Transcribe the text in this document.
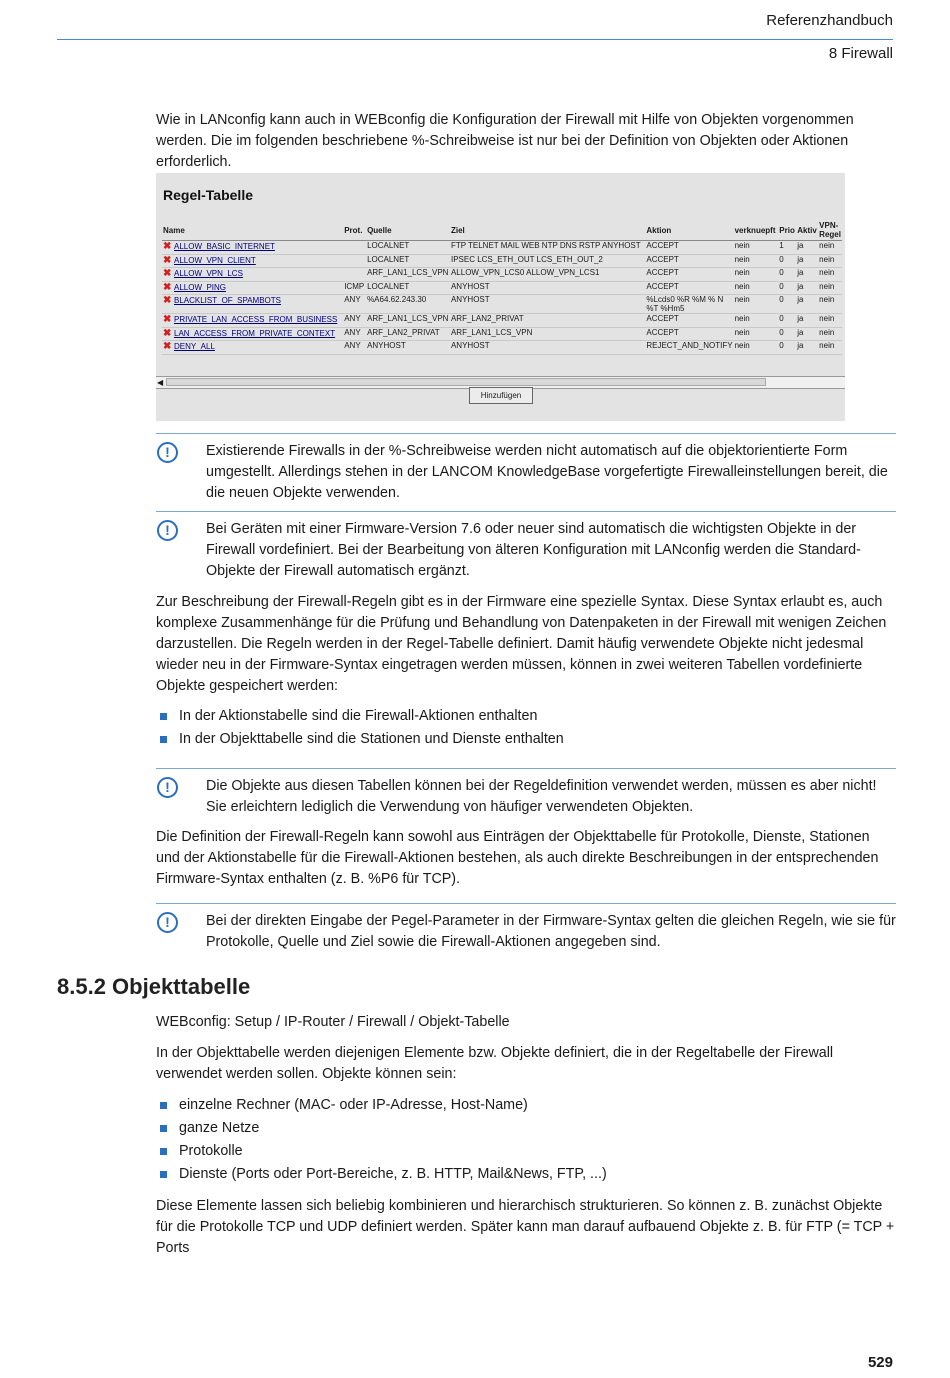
Referenzhandbuch
8 Firewall
Wie in LANconfig kann auch in WEBconfig die Konfiguration der Firewall mit Hilfe von Objekten vorgenommen werden. Die im folgenden beschriebene %-Schreibweise ist nur bei der Definition von Objekten oder Aktionen erforderlich.
Regel-Tabelle
Name	Prot.	Quelle	Ziel	Aktion	verknuepft	Prio	Aktiv	VPN-Regel
✖ ALLOW_BASIC_INTERNET		LOCALNET	FTP TELNET MAIL WEB NTP DNS RSTP ANYHOST	ACCEPT	nein	1	ja	nein
✖ ALLOW_VPN_CLIENT		LOCALNET	IPSEC LCS_ETH_OUT LCS_ETH_OUT_2	ACCEPT	nein	0	ja	nein
✖ ALLOW_VPN_LCS		ARF_LAN1_LCS_VPN	ALLOW_VPN_LCS0 ALLOW_VPN_LCS1	ACCEPT	nein	0	ja	nein
✖ ALLOW_PING	ICMP	LOCALNET	ANYHOST	ACCEPT	nein	0	ja	nein
✖ BLACKLIST_OF_SPAMBOTS	ANY	%A64.62.243.30	ANYHOST	%Lcds0 %R %M % N %T %Hm5	nein	0	ja	nein
✖ PRIVATE_LAN_ACCESS_FROM_BUSINESS	ANY	ARF_LAN1_LCS_VPN	ARF_LAN2_PRIVAT	ACCEPT	nein	0	ja	nein
✖ LAN_ACCESS_FROM_PRIVATE_CONTEXT	ANY	ARF_LAN2_PRIVAT	ARF_LAN1_LCS_VPN	ACCEPT	nein	0	ja	nein
✖ DENY_ALL	ANY	ANYHOST	ANYHOST	REJECT_AND_NOTIFY	nein	0	ja	nein
◀
Hinzufügen
!	Existierende Firewalls in der %-Schreibweise werden nicht automatisch auf die objektorientierte Form umgestellt. Allerdings stehen in der LANCOM KnowledgeBase vorgefertigte Firewalleinstellungen bereit, die die neuen Objekte verwenden.
!	Bei Geräten mit einer Firmware-Version 7.6 oder neuer sind automatisch die wichtigsten Objekte in der Firewall vordefiniert. Bei der Bearbeitung von älteren Konfiguration mit LANconfig werden die Standard-Objekte der Firewall automatisch ergänzt.
Zur Beschreibung der Firewall-Regeln gibt es in der Firmware eine spezielle Syntax. Diese Syntax erlaubt es, auch komplexe Zusammenhänge für die Prüfung und Behandlung von Datenpaketen in der Firewall mit wenigen Zeichen darzustellen. Die Regeln werden in der Regel-Tabelle definiert. Damit häufig verwendete Objekte nicht jedesmal wieder neu in der Firmware-Syntax eingetragen werden müssen, können in zwei weiteren Tabellen vordefinierte Objekte gespeichert werden:
In der Aktionstabelle sind die Firewall-Aktionen enthalten
In der Objekttabelle sind die Stationen und Dienste enthalten
!	Die Objekte aus diesen Tabellen können bei der Regeldefinition verwendet werden, müssen es aber nicht! Sie erleichtern lediglich die Verwendung von häufiger verwendeten Objekten.
Die Definition der Firewall-Regeln kann sowohl aus Einträgen der Objekttabelle für Protokolle, Dienste, Stationen und der Aktionstabelle für die Firewall-Aktionen bestehen, als auch direkte Beschreibungen in der entsprechenden Firmware-Syntax enthalten (z. B. %P6 für TCP).
!	Bei der direkten Eingabe der Pegel-Parameter in der Firmware-Syntax gelten die gleichen Regeln, wie sie für Protokolle, Quelle und Ziel sowie die Firewall-Aktionen angegeben sind.
8.5.2 Objekttabelle
WEBconfig: Setup / IP-Router / Firewall / Objekt-Tabelle
In der Objekttabelle werden diejenigen Elemente bzw. Objekte definiert, die in der Regeltabelle der Firewall verwendet werden sollen. Objekte können sein:
einzelne Rechner (MAC- oder IP-Adresse, Host-Name)
ganze Netze
Protokolle
Dienste (Ports oder Port-Bereiche, z. B. HTTP, Mail&News, FTP, ...)
Diese Elemente lassen sich beliebig kombinieren und hierarchisch strukturieren. So können z. B. zunächst Objekte für die Protokolle TCP und UDP definiert werden. Später kann man darauf aufbauend Objekte z. B. für FTP (= TCP + Ports
529
